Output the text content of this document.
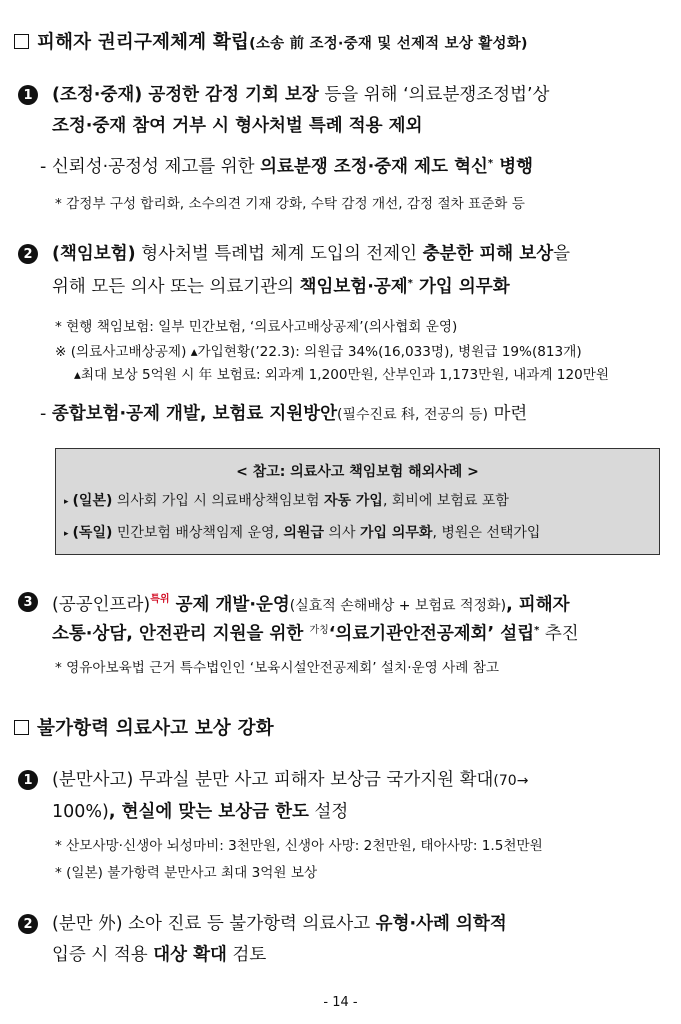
피해자 권리구제체계 확립(소송 前 조정·중재 및 선제적 보상 활성화)
1 (조정·중재) 공정한 감정 기회 보장 등을 위해 ‘의료분쟁조정법’상
조정·중재 참여 거부 시 형사처벌 특례 적용 제외
- 신뢰성·공정성 제고를 위한 의료분쟁 조정·중재 제도 혁신* 병행
* 감정부 구성 합리화, 소수의견 기재 강화, 수탁 감정 개선, 감정 절차 표준화 등
2 (책임보험) 형사처벌 특례법 체계 도입의 전제인 충분한 피해 보상을
위해 모든 의사 또는 의료기관의 책임보험·공제* 가입 의무화
* 현행 책임보험: 일부 민간보험, ‘의료사고배상공제’(의사협회 운영)
※ (의료사고배상공제) ▴가입현황(’22.3): 의원급 34%(16,033명), 병원급 19%(813개)
▴최대 보상 5억원 시 年 보험료: 외과계 1,200만원, 산부인과 1,173만원, 내과계 120만원
- 종합보험·공제 개발, 보험료 지원방안(필수진료 科, 전공의 등) 마련
< 참고: 의료사고 책임보험 해외사례 >
▸ (일본) 의사회 가입 시 의료배상책임보험 자동 가입, 회비에 보험료 포함
▸ (독일) 민간보험 배상책임제 운영, 의원급 의사 가입 의무화, 병원은 선택가입
3 (공공인프라)$^{특위}$ 공제 개발·운영(실효적 손해배상 + 보험료 적정화), 피해자
소통·상담, 안전관리 지원을 위한 $^{가칭}$‘의료기관안전공제회’ 설립* 추진
* 영유아보육법 근거 특수법인인 ‘보육시설안전공제회’ 설치·운영 사례 참고
불가항력 의료사고 보상 강화
1 (분만사고) 무과실 분만 사고 피해자 보상금 국가지원 확대(70→
100%), 현실에 맞는 보상금 한도 설정
* 산모사망·신생아 뇌성마비: 3천만원, 신생아 사망: 2천만원, 태아사망: 1.5천만원
* (일본) 불가항력 분만사고 최대 3억원 보상
2 (분만 外) 소아 진료 등 불가항력 의료사고 유형·사례 의학적
입증 시 적용 대상 확대 검토
- 14 -
